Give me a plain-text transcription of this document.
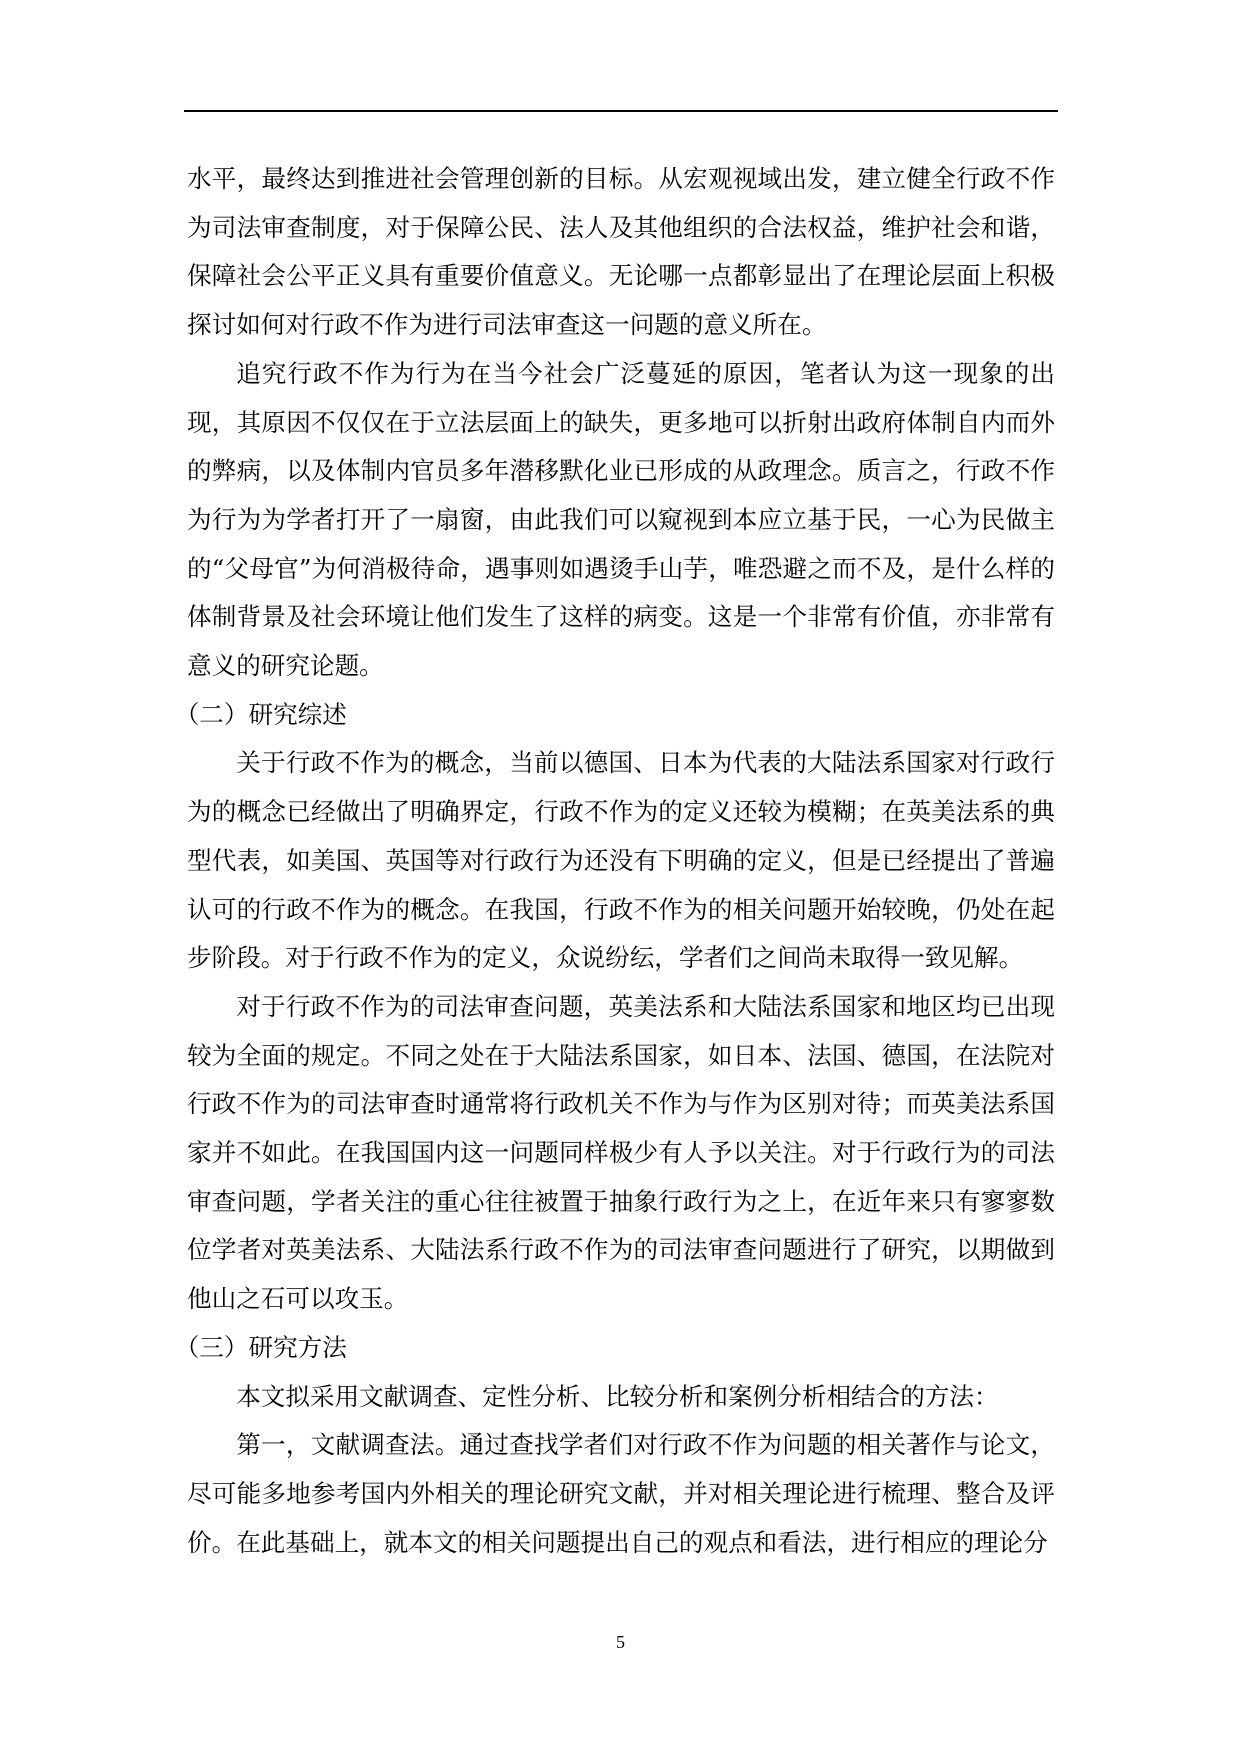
水平，最终达到推进社会管理创新的目标。从宏观视域出发，建立健全行政不作为司法审查制度，对于保障公民、法人及其他组织的合法权益，维护社会和谐，保障社会公平正义具有重要价值意义。无论哪一点都彰显出了在理论层面上积极探讨如何对行政不作为进行司法审查这一问题的意义所在。

追究行政不作为行为在当今社会广泛蔓延的原因，笔者认为这一现象的出现，其原因不仅仅在于立法层面上的缺失，更多地可以折射出政府体制自内而外的弊病，以及体制内官员多年潜移默化业已形成的从政理念。质言之，行政不作为行为为学者打开了一扇窗，由此我们可以窥视到本应立基于民，一心为民做主的“父母官”为何消极待命，遇事则如遇烫手山芋，唯恐避之而不及，是什么样的体制背景及社会环境让他们发生了这样的病变。这是一个非常有价值，亦非常有意义的研究论题。

（二）研究综述

关于行政不作为的概念，当前以德国、日本为代表的大陆法系国家对行政行为的概念已经做出了明确界定，行政不作为的定义还较为模糊；在英美法系的典型代表，如美国、英国等对行政行为还没有下明确的定义，但是已经提出了普遍认可的行政不作为的概念。在我国，行政不作为的相关问题开始较晚，仍处在起步阶段。对于行政不作为的定义，众说纷纭，学者们之间尚未取得一致见解。

对于行政不作为的司法审查问题，英美法系和大陆法系国家和地区均已出现较为全面的规定。不同之处在于大陆法系国家，如日本、法国、德国，在法院对行政不作为的司法审查时通常将行政机关不作为与作为区别对待；而英美法系国家并不如此。在我国国内这一问题同样极少有人予以关注。对于行政行为的司法审查问题，学者关注的重心往往被置于抽象行政行为之上，在近年来只有寥寥数位学者对英美法系、大陆法系行政不作为的司法审查问题进行了研究，以期做到他山之石可以攻玉。

（三）研究方法

本文拟采用文献调查、定性分析、比较分析和案例分析相结合的方法：

第一，文献调查法。通过查找学者们对行政不作为问题的相关著作与论文，尽可能多地参考国内外相关的理论研究文献，并对相关理论进行梳理、整合及评价。在此基础上，就本文的相关问题提出自己的观点和看法，进行相应的理论分

5
